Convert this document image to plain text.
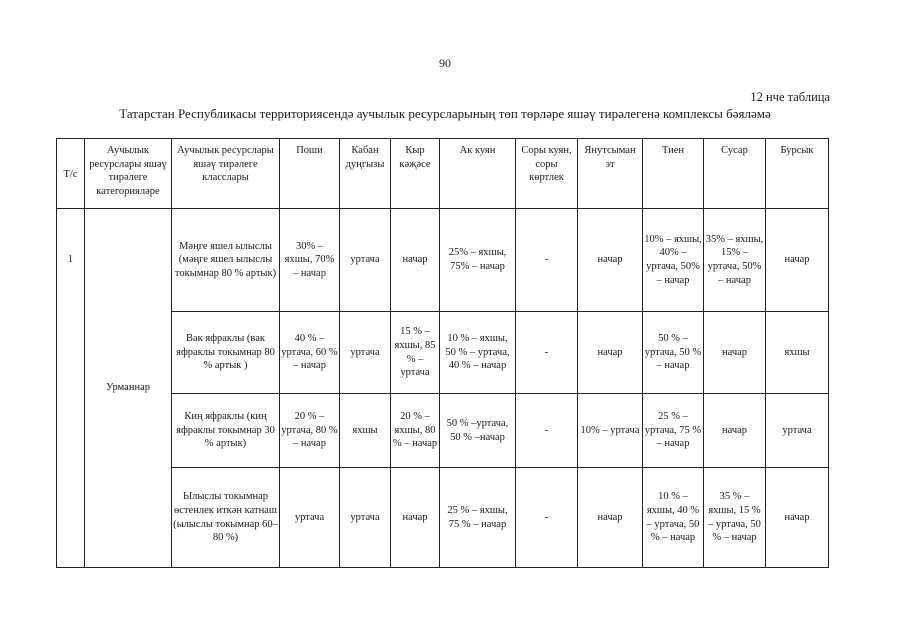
90
12 нче таблица
Татарстан Республикасы территориясендә аучылык ресурсларының төп төрләре яшәү тирәлегенә комплексы бәяләмә
Т/с	Аучылык ресурслары яшәү тирәлеге категорияләре	Аучылык ресурслары яшәү тирәлеге класслары	Поши	Кабан дуңгызы	Кыр кәҗәсе	Ак куян	Соры куян, соры көртлек	Янутсыман эт	Тиен	Сусар	Бурсык
1	Урманнар	Мәңге яшел ылыслы (мәңге яшел ылыслы токымнар 80 % артык)	30% – яхшы, 70% – начар	уртача	начар	25% – яхшы, 75% – начар	-	начар	10% – яхшы, 40% – уртача, 50% – начар	35% – яхшы, 15% – уртача, 50% – начар	начар
		Вак яфраклы (вак яфраклы токымнар 80 % артык )	40 % – уртача, 60 % – начар	уртача	15 % – яхшы, 85 % – уртача	10 % – яхшы, 50 % – уртача, 40 % – начар	-	начар	50 % – уртача, 50 % – начар	начар	яхшы
		Киң яфраклы (киң яфраклы токымнар 30 % артык)	20 % – уртача, 80 % – начар	яхшы	20 % – яхшы, 80 % – начар	50 % –уртача, 50 % –начар	-	10% – уртача	25 % – уртача, 75 % – начар	начар	уртача
		Ылыслы токымнар өстенлек иткән катнаш (ылыслы токымнар 60–80 %)	уртача	уртача	начар	25 % – яхшы, 75 % – начар	-	начар	10 % – яхшы, 40 % – уртача, 50 % – начар	35 % – яхшы, 15 % – уртача, 50 % – начар	начар
